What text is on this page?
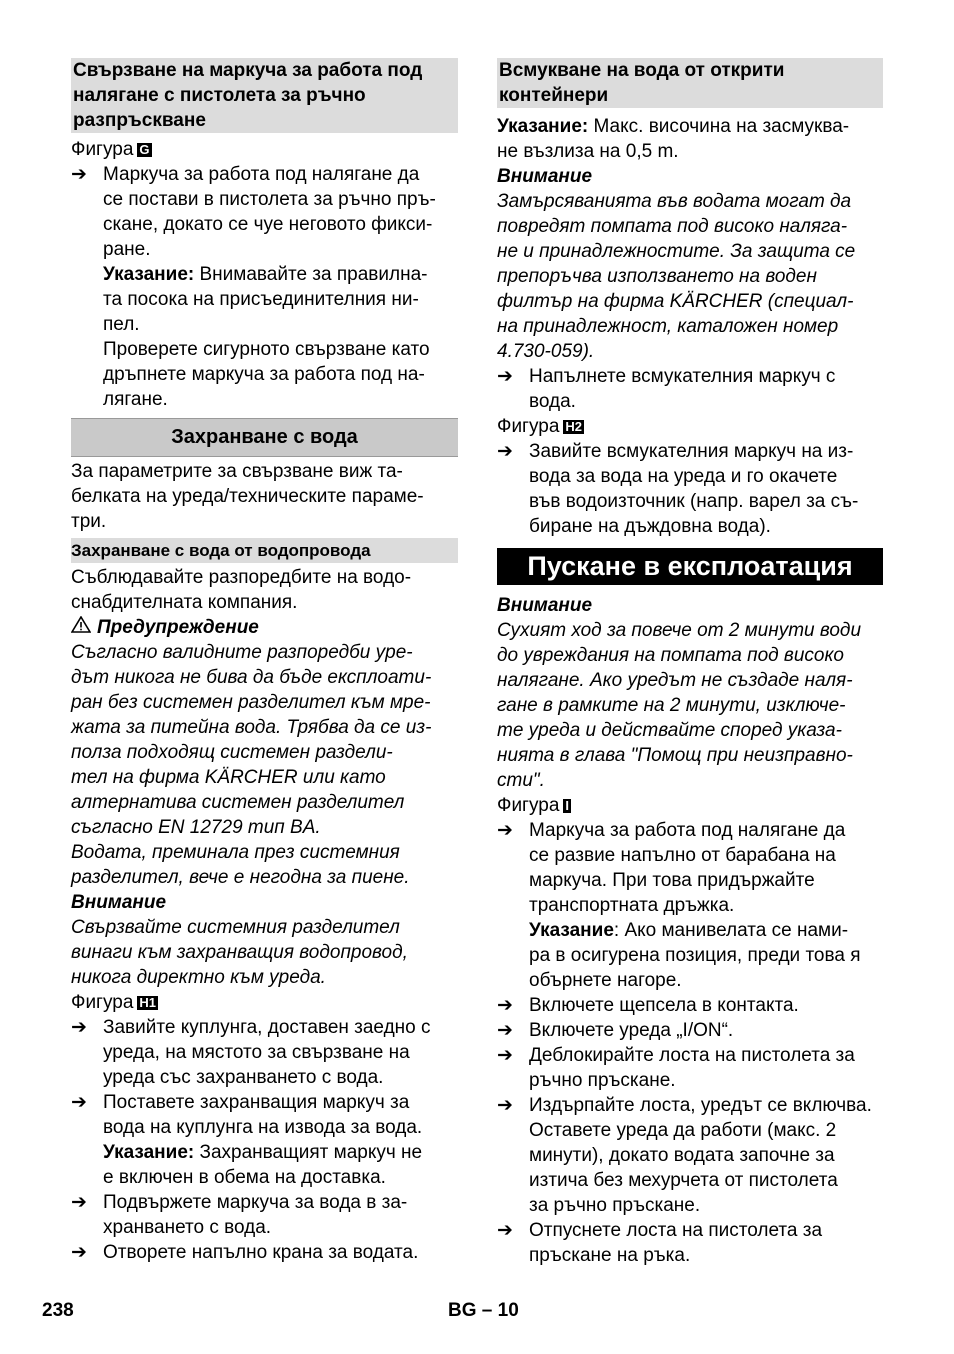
Свързване на маркуча за работа под
налягане с пистолета за ръчно
разпръскване
Фигура G
➔ Маркуча за работа под налягане да
се постави в пистолета за ръчно пръ-
скане, докато се чуе неговото фикси-
ране.
Указание: Внимавайте за правилна-
та посока на присъединителния ни-
пел.
Проверете сигурното свързване като
дръпнете маркуча за работа под на-
лягане.
Захранване с вода
За параметрите за свързване виж та-
белката на уреда/техническите параме-
три.
Захранване с вода от водопровода
Съблюдавайте разпоредбите на водо-
снабдителната компания.
Предупреждение
Съгласно валидните разпоредби уре-
дът никога не бива да бъде експлоати-
ран без системен разделител към мре-
жата за питейна вода. Трябва да се из-
полза подходящ системен раздели-
тел на фирма KÄRCHER или като
алтернатива системен разделител
съгласно EN 12729 тип BA.
Водата, преминала през системния
разделител, вече е негодна за пиене.
Внимание
Свързвайте системния разделител
винаги към захранващия водопровод,
никога директно към уреда.
Фигура H1
➔ Завийте куплунга, доставен заедно с
уреда, на мястото за свързване на
уреда със захранването с вода.
➔ Поставете захранващия маркуч за
вода на куплунга на извода за вода.
Указание: Захранващият маркуч не
е включен в обема на доставка.
➔ Подвържете маркуча за вода в за-
хранването с вода.
➔ Отворете напълно крана за водата.
Всмукване на вода от открити
контейнери
Указание: Макс. височина на засмуква-
не възлиза на 0,5 m.
Внимание
Замърсяванията във водата могат да
повредят помпата под високо наляга-
не и принадлежностите. За защита се
препоръчва използването на воден
филтър на фирма KÄRCHER (специал-
на принадлежност, каталожен номер
4.730-059).
➔ Напълнете всмукателния маркуч с
вода.
Фигура H2
➔ Завийте всмукателния маркуч на из-
вода за вода на уреда и го окачете
във водоизточник (напр. варел за съ-
биране на дъждовна вода).
Пускане в експлоатация
Внимание
Сухият ход за повече от 2 минути води
до увреждания на помпата под високо
налягане. Ако уредът не създаде наля-
гане в рамките на 2 минути, изключе-
те уреда и действайте според указа-
нията в глава "Помощ при неизправно-
сти".
Фигура I
➔ Маркуча за работа под налягане да
се развие напълно от барабана на
маркуча. При това придържайте
транспортната дръжка.
Указание: Ако манивелата се нами-
ра в осигурена позиция, преди това я
обърнете нагоре.
➔ Включете щепсела в контакта.
➔ Включете уреда „I/ON“.
➔ Деблокирайте лоста на пистолета за
ръчно пръскане.
➔ Издърпайте лоста, уредът се включва.
Оставете уреда да работи (макс. 2
минути), докато водата започне за
изтича без мехурчета от пистолета
за ръчно пръскане.
➔ Отпуснете лоста на пистолета за
пръскане на ръка.
238	BG – 10
